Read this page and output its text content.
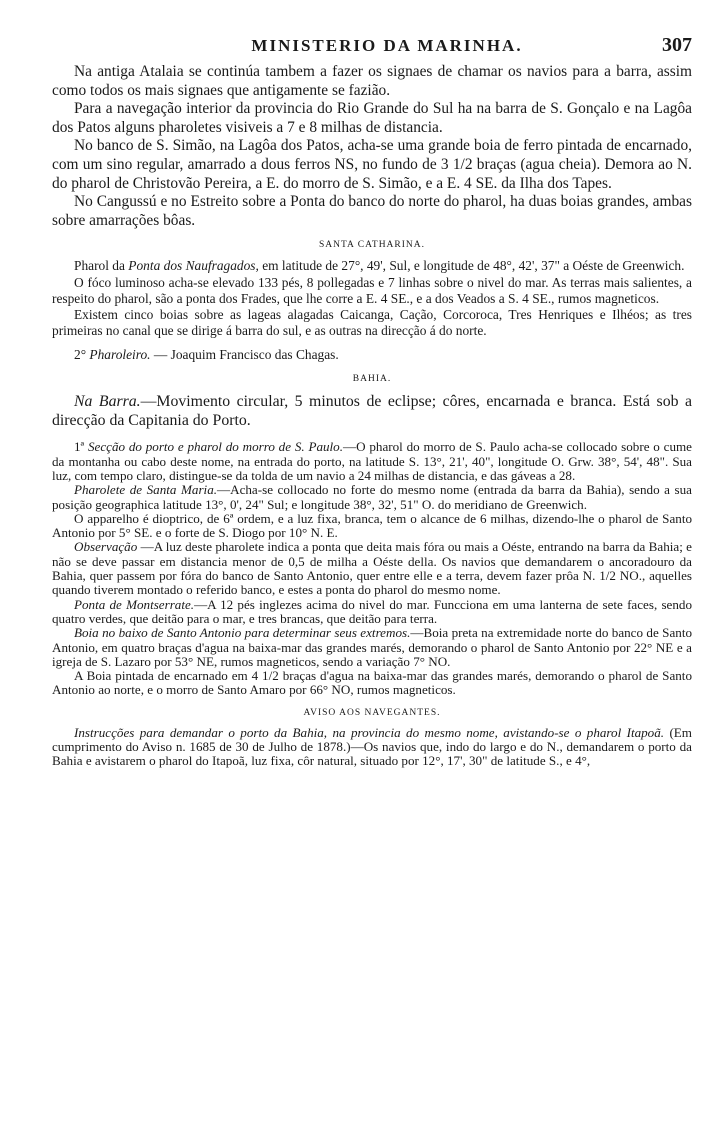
MINISTERIO DA MARINHA.	307

Na antiga Atalaia se continúa tambem a fazer os signaes de chamar os navios para a barra, assim como todos os mais signaes que antigamente se fazião.

Para a navegação interior da provincia do Rio Grande do Sul ha na barra de S. Gonçalo e na Lagôa dos Patos alguns pharoletes visiveis a 7 e 8 milhas de distancia.

No banco de S. Simão, na Lagôa dos Patos, acha-se uma grande boia de ferro pintada de encarnado, com um sino regular, amarrado a dous ferros NS, no fundo de 3 1/2 braças (agua cheia). Demora ao N. do pharol de Christovão Pereira, a E. do morro de S. Simão, e a E. 4 SE. da Ilha dos Tapes.

No Cangussú e no Estreito sobre a Ponta do banco do norte do pharol, ha duas boias grandes, ambas sobre amarrações bôas.

SANTA CATHARINA.

Pharol da Ponta dos Naufragados, em latitude de 27°, 49', Sul, e longitude de 48°, 42', 37" a Oéste de Greenwich.

O fóco luminoso acha-se elevado 133 pés, 8 pollegadas e 7 linhas sobre o nivel do mar. As terras mais salientes, a respeito do pharol, são a ponta dos Frades, que lhe corre a E. 4 SE., e a dos Veados a S. 4 SE., rumos magneticos.

Existem cinco boias sobre as lageas alagadas Caicanga, Cação, Corcoroca, Tres Henriques e Ilhéos; as tres primeiras no canal que se dirige á barra do sul, e as outras na direcção á do norte.

2° Pharoleiro. — Joaquim Francisco das Chagas.

BAHIA.

Na Barra.—Movimento circular, 5 minutos de eclipse; côres, encarnada e branca. Está sob a direcção da Capitania do Porto.

1ª Secção do porto e pharol do morro de S. Paulo.—O pharol do morro de S. Paulo acha-se collocado sobre o cume da montanha ou cabo deste nome, na entrada do porto, na latitude S. 13°, 21', 40", longitude O. Grw. 38°, 54', 48". Sua luz, com tempo claro, distingue-se da tolda de um navio a 24 milhas de distancia, e das gáveas a 28.

Pharolete de Santa Maria.—Acha-se collocado no forte do mesmo nome (entrada da barra da Bahia), sendo a sua posição geographica latitude 13°, 0', 24" Sul; e longitude 38°, 32', 51" O. do meridiano de Greenwich.

O apparelho é dioptrico, de 6ª ordem, e a luz fixa, branca, tem o alcance de 6 milhas, dizendo-lhe o pharol de Santo Antonio por 5° SE. e o forte de S. Diogo por 10° N. E.

Observação —A luz deste pharolete indica a ponta que deita mais fóra ou mais a Oéste, entrando na barra da Bahia; e não se deve passar em distancia menor de 0,5 de milha a Oéste della. Os navios que demandarem o ancoradouro da Bahia, quer passem por fóra do banco de Santo Antonio, quer entre elle e a terra, devem fazer prôa N. 1/2 NO., aquelles quando tiverem montado o referido banco, e estes a ponta do pharol do mesmo nome.

Ponta de Montserrate.—A 12 pés inglezes acima do nivel do mar. Funcciona em uma lanterna de sete faces, sendo quatro verdes, que deitão para o mar, e tres brancas, que deitão para terra.

Boia no baixo de Santo Antonio para determinar seus extremos.—Boia preta na extremidade norte do banco de Santo Antonio, em quatro braças d'agua na baixa-mar das grandes marés, demorando o pharol de Santo Antonio por 22° NE e a igreja de S. Lazaro por 53° NE, rumos magneticos, sendo a variação 7° NO.

A Boia pintada de encarnado em 4 1/2 braças d'agua na baixa-mar das grandes marés, demorando o pharol de Santo Antonio ao norte, e o morro de Santo Amaro por 66° NO, rumos magneticos.

AVISO AOS NAVEGANTES.

Instrucções para demandar o porto da Bahia, na provincia do mesmo nome, avistando-se o pharol Itapoã. (Em cumprimento do Aviso n. 1685 de 30 de Julho de 1878.)—Os navios que, indo do largo e do N., demandarem o porto da Bahia e avistarem o pharol do Itapoã, luz fixa, côr natural, situado por 12°, 17', 30" de latitude S., e 4°,
